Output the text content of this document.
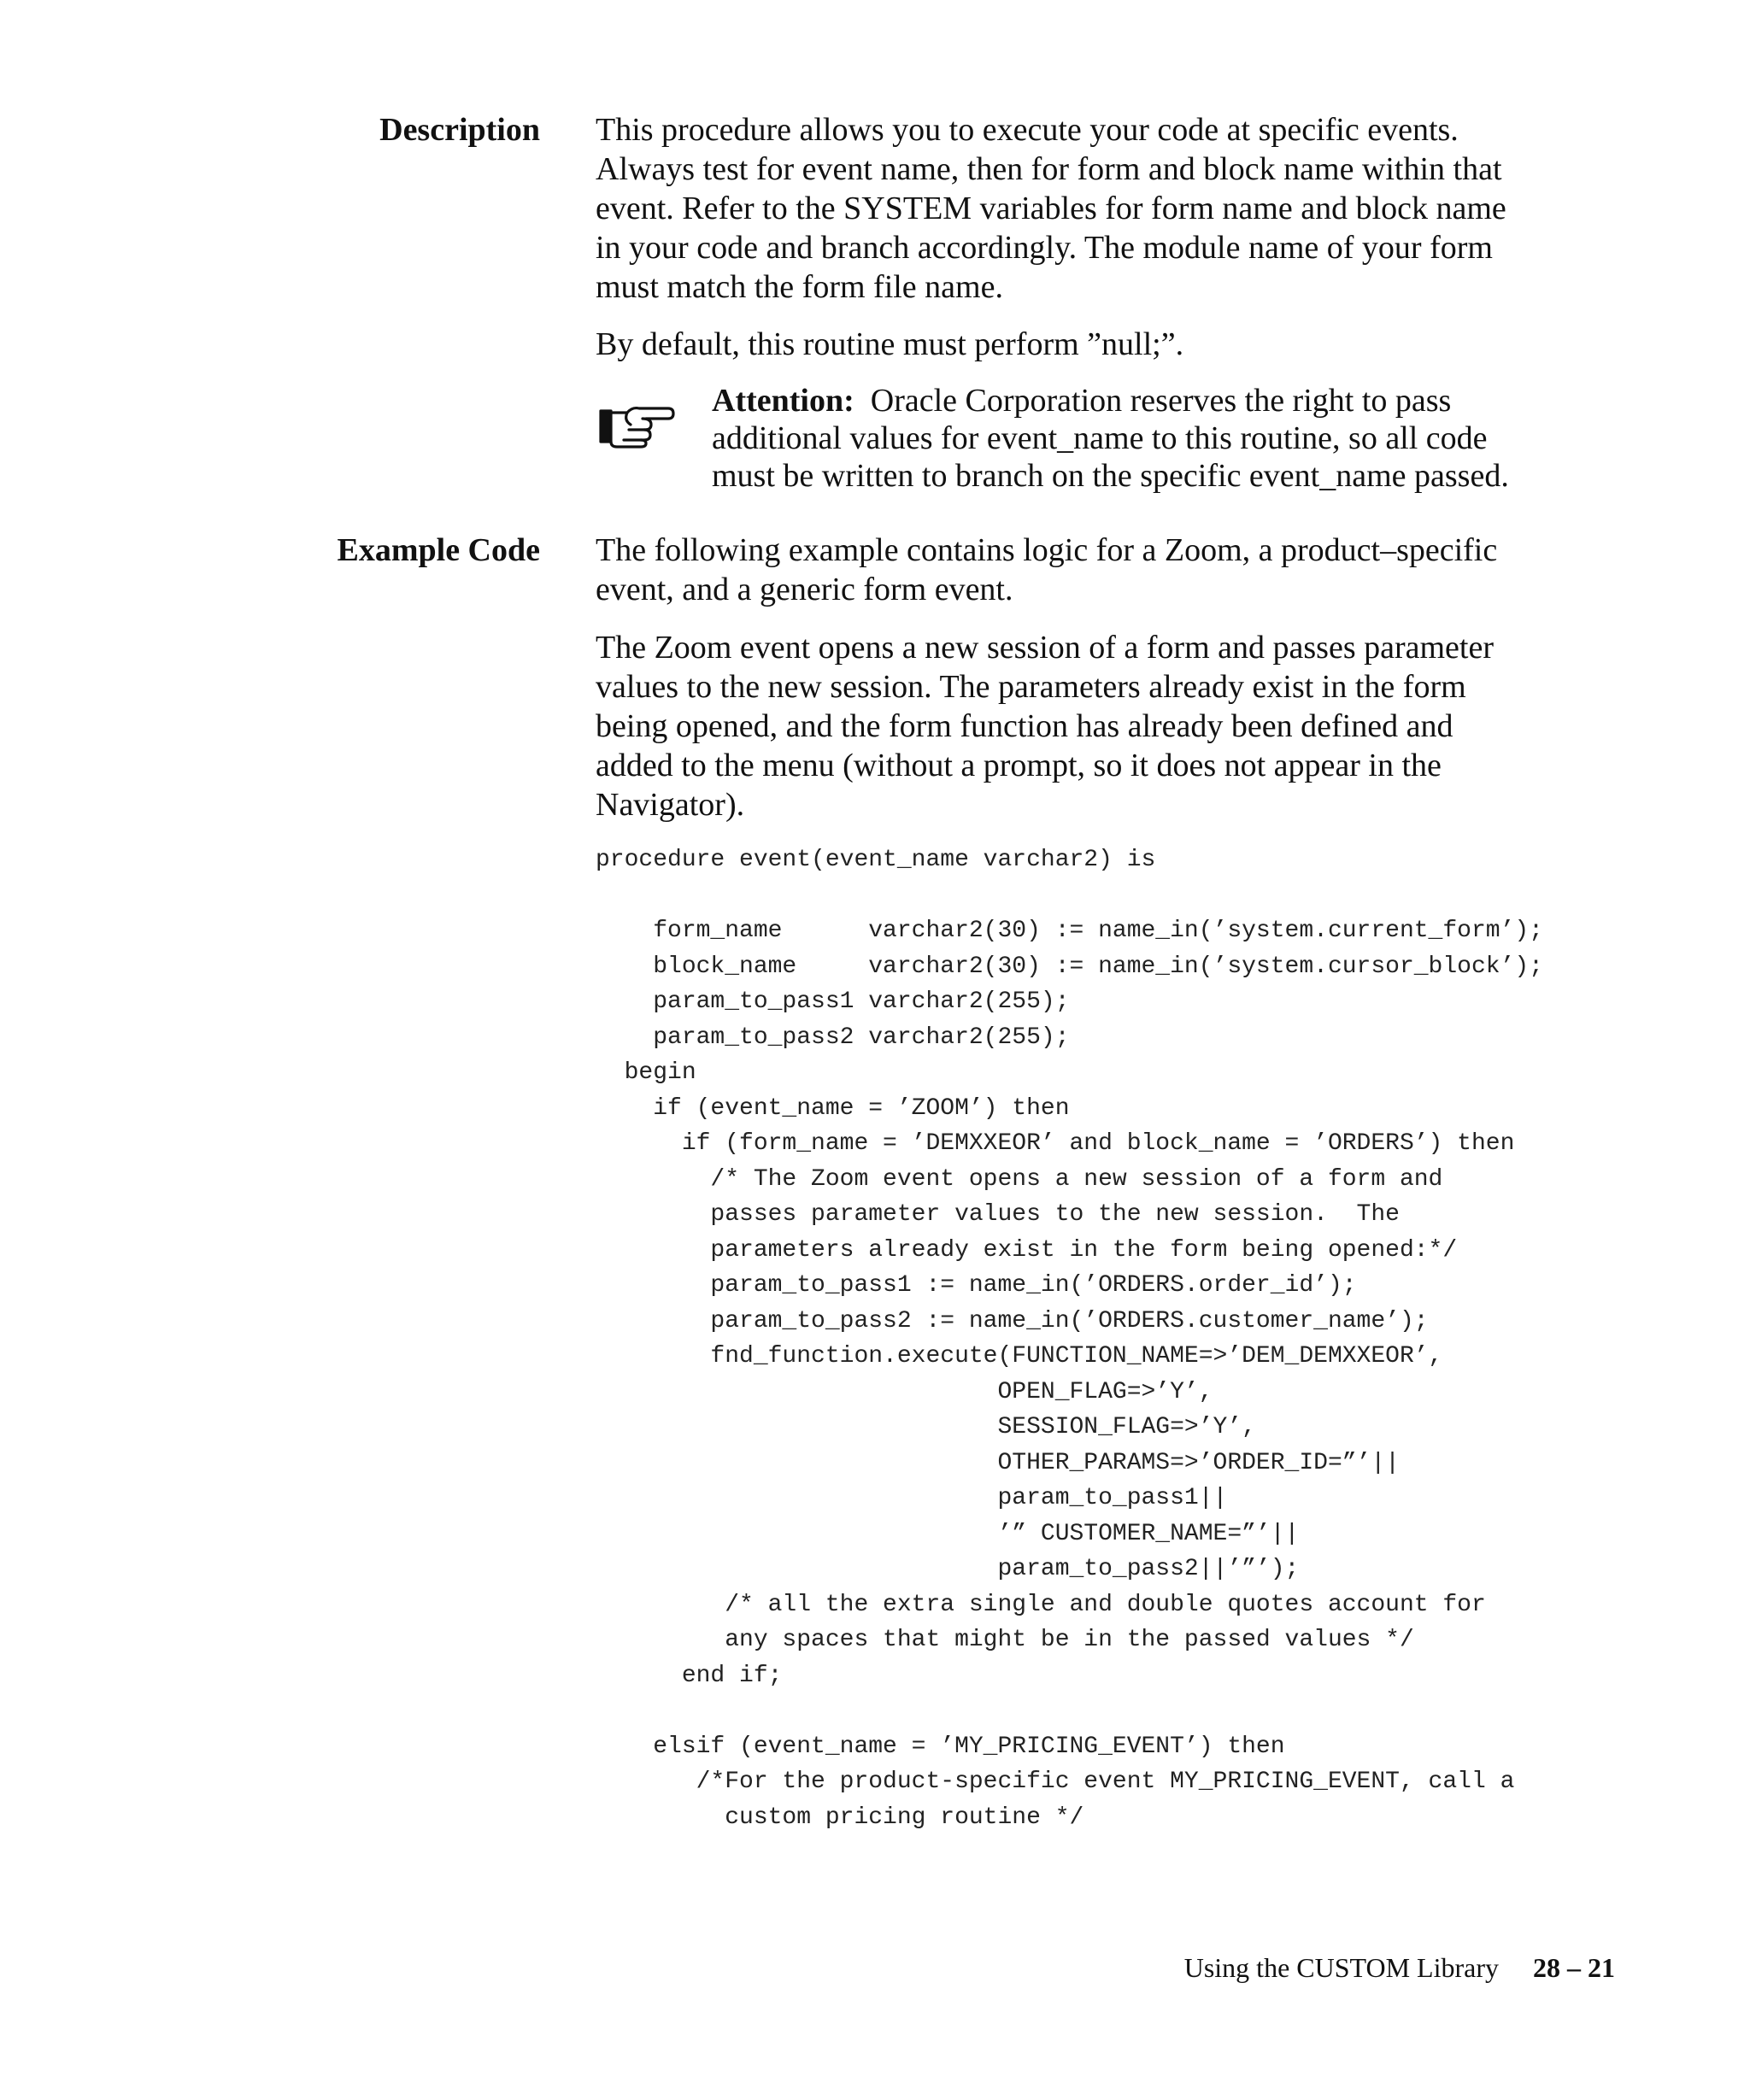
Description This procedure allows you to execute your code at specific events.

Always test for event name, then for form and block name within that

event. Refer to the SYSTEM variables for form name and block name

in your code and branch accordingly. The module name of your form

must match the form file name.

By default, this routine must perform ”null;”.

Attention: Oracle Corporation reserves the right to pass

additional values for event_name to this routine, so all code

must be written to branch on the specific event_name passed.

Example Code The following example contains logic for a Zoom, a product–specific

event, and a generic form event.

The Zoom event opens a new session of a form and passes parameter

values to the new session. The parameters already exist in the form

being opened, and the form function has already been defined and

added to the menu (without a prompt, so it does not appear in the

Navigator).

procedure event(event_name varchar2) is

form_name      varchar2(30) := name_in(’system.current_form’);
block_name     varchar2(30) := name_in(’system.cursor_block’);
param_to_pass1 varchar2(255);
param_to_pass2 varchar2(255);
begin
if (event_name = ’ZOOM’) then
if (form_name = ’DEMXXEOR’ and block_name = ’ORDERS’) then
/* The Zoom event opens a new session of a form and
passes parameter values to the new session.  The
parameters already exist in the form being opened:*/
param_to_pass1 := name_in(’ORDERS.order_id’);
param_to_pass2 := name_in(’ORDERS.customer_name’);
fnd_function.execute(FUNCTION_NAME=>’DEM_DEMXXEOR’,
OPEN_FLAG=>’Y’,
SESSION_FLAG=>’Y’,
OTHER_PARAMS=>’ORDER_ID=”’||
param_to_pass1||
’” CUSTOMER_NAME=”’||
param_to_pass2||’”’);
/* all the extra single and double quotes account for
any spaces that might be in the passed values */
end if;

elsif (event_name = ’MY_PRICING_EVENT’) then
/*For the product-specific event MY_PRICING_EVENT, call a
custom pricing routine */
Using the CUSTOM Library 28 – 21
